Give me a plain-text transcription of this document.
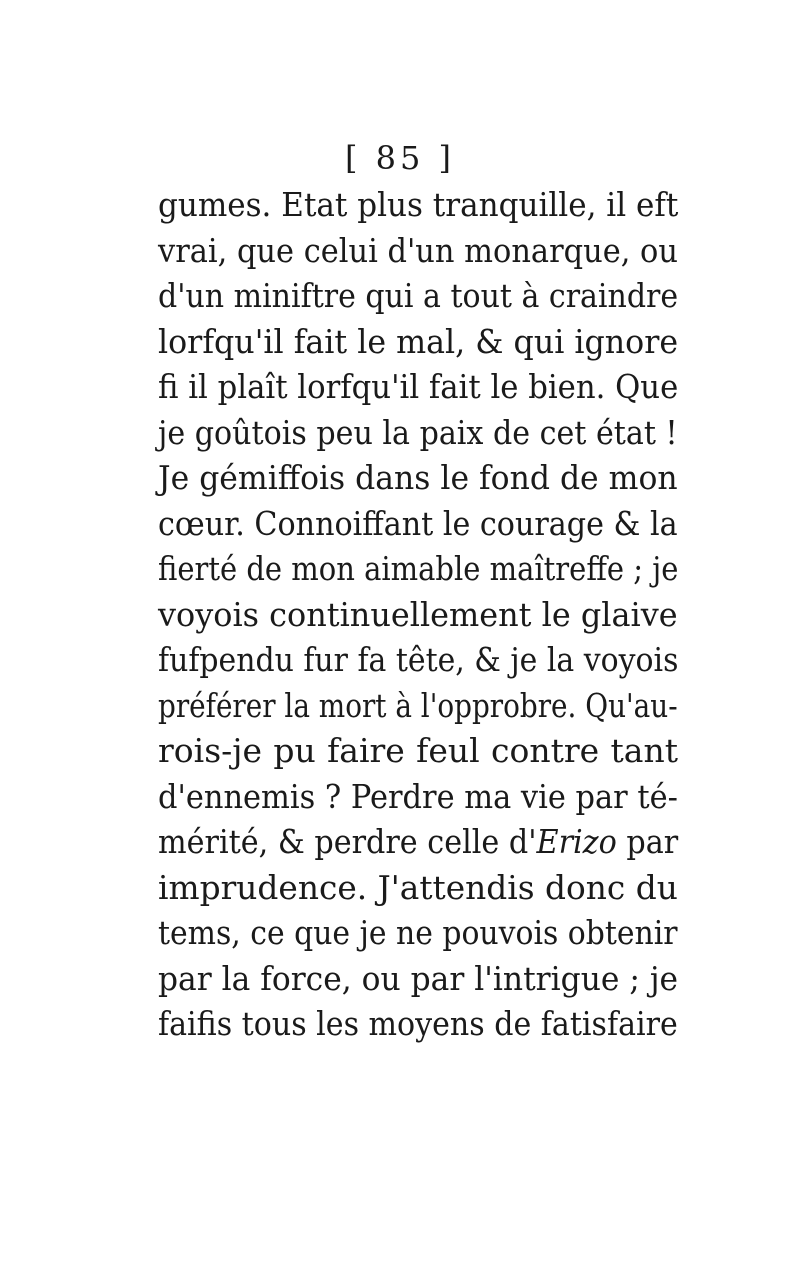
[ 85 ]
gumes. Etat plus tranquille, il eft
vrai, que celui d'un monarque, ou
d'un miniftre qui a tout à craindre
lorfqu'il fait le mal, & qui ignore
fi il plaît lorfqu'il fait le bien. Que
je goûtois peu la paix de cet état !
Je gémiffois dans le fond de mon
cœur. Connoiffant le courage & la
fierté de mon aimable maîtreffe ; je
voyois continuellement le glaive
fufpendu fur fa tête, & je la voyois
préférer la mort à l'opprobre. Qu'au-
rois-je pu faire feul contre tant
d'ennemis ? Perdre ma vie par té-
mérité, & perdre celle d'Erizo par
imprudence. J'attendis donc du
tems, ce que je ne pouvois obtenir
par la force, ou par l'intrigue ; je
faifis tous les moyens de fatisfaire
